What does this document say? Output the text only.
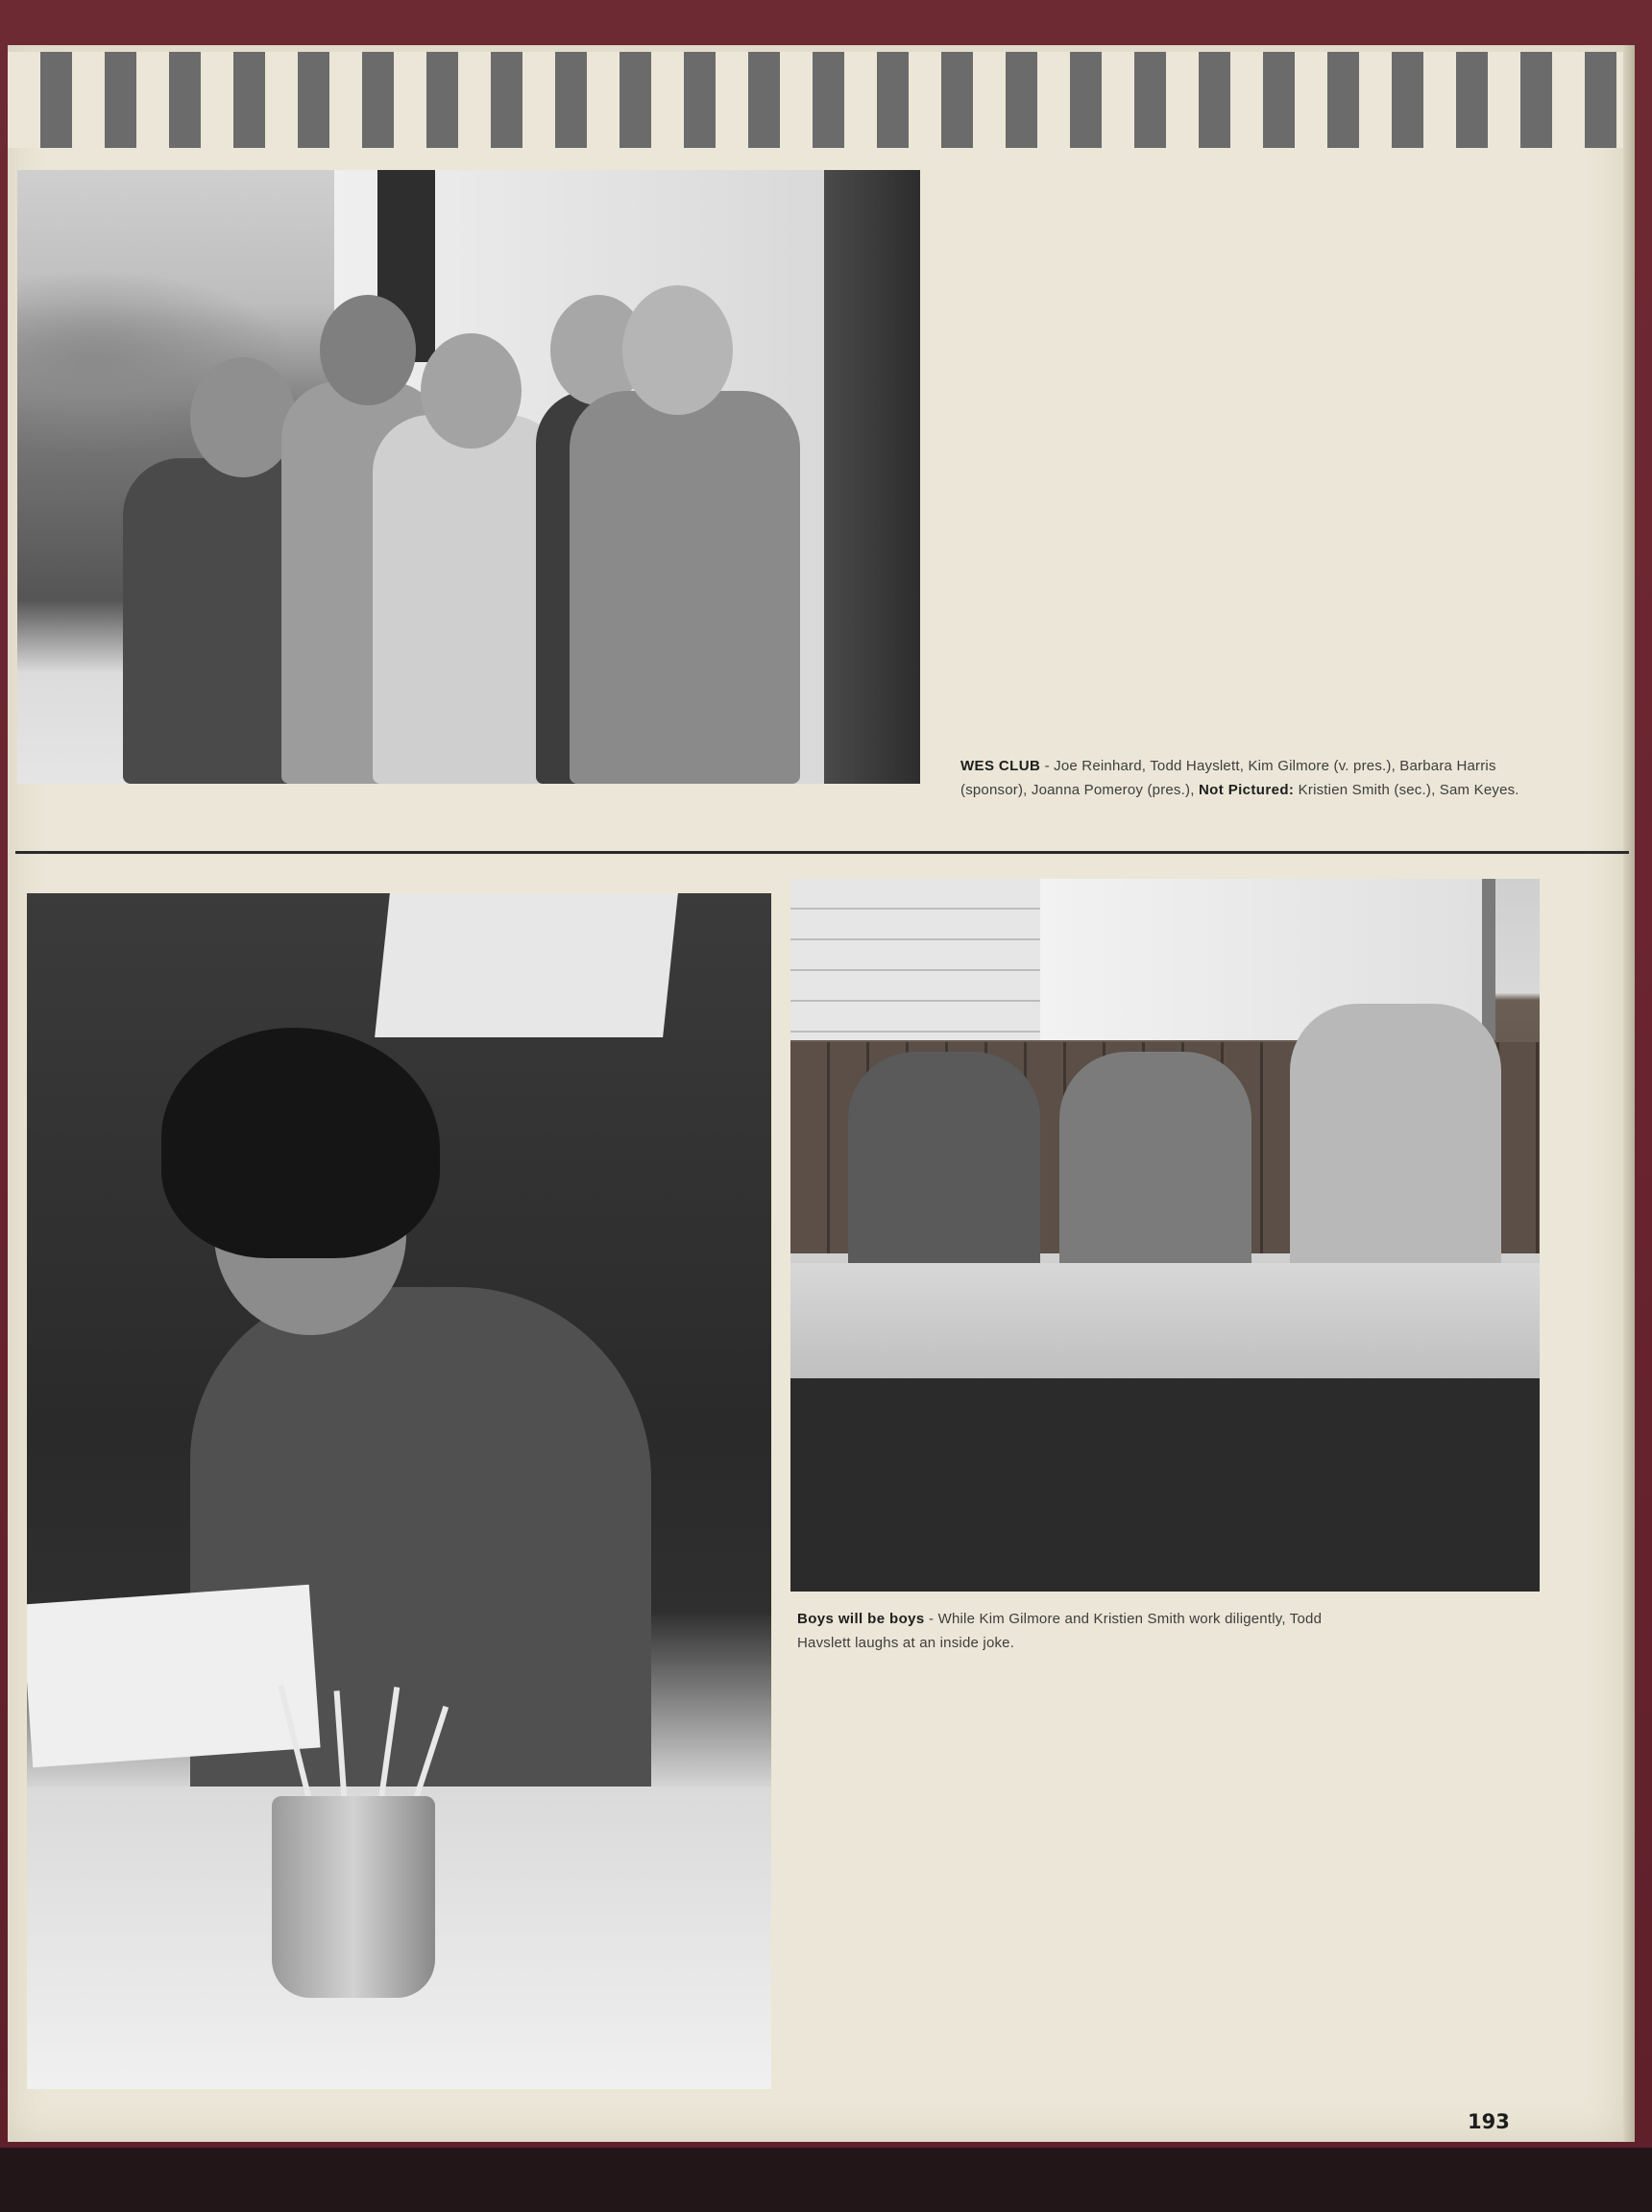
WES CLUB - Joe Reinhard, Todd Hayslett, Kim Gilmore (v. pres.), Barbara Harris (sponsor), Joanna Pomeroy (pres.), Not Pictured: Kristien Smith (sec.), Sam Keyes.
Boys will be boys - While Kim Gilmore and Kristien Smith work diligently, Todd Havslett laughs at an inside joke.
193
